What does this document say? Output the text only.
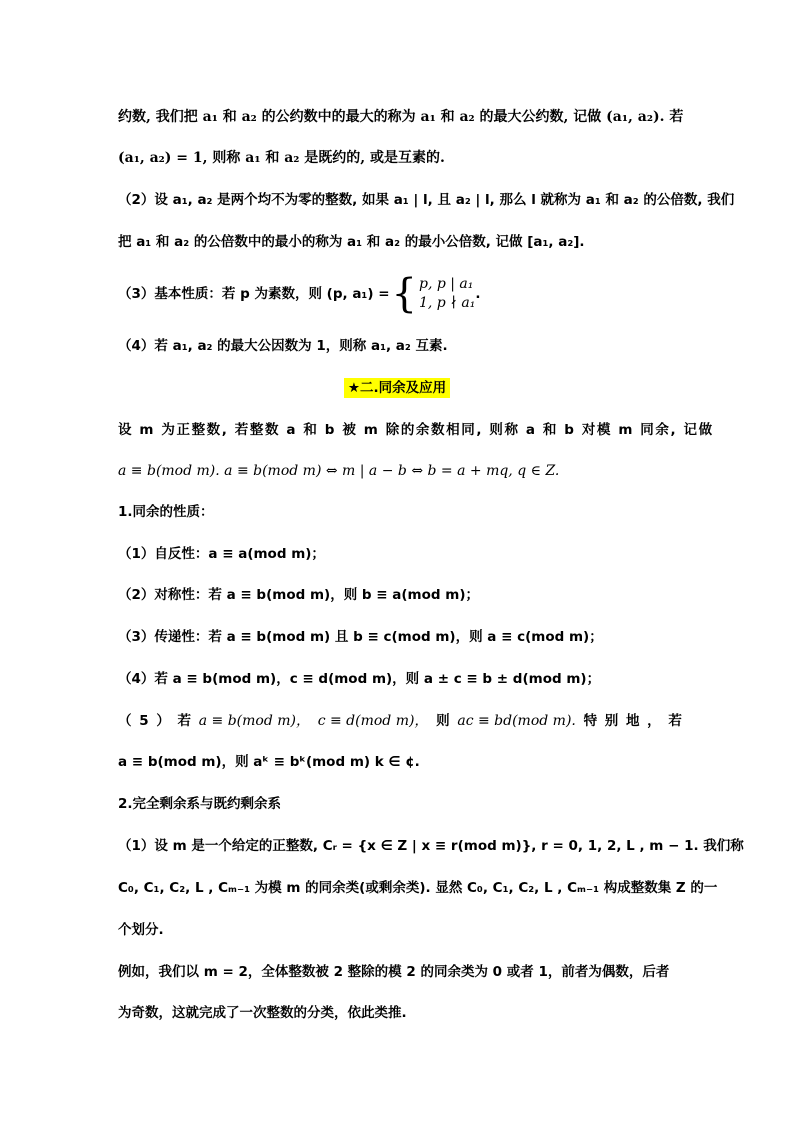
约数, 我们把 a₁ 和 a₂ 的公约数中的最大的称为 a₁ 和 a₂ 的最大公约数, 记做 (a₁, a₂). 若
(a₁, a₂) = 1, 则称 a₁ 和 a₂ 是既约的, 或是互素的.
（2）设 a₁, a₂ 是两个均不为零的整数, 如果 a₁ | l, 且 a₂ | l, 那么 l 就称为 a₁ 和 a₂ 的公倍数, 我们
把 a₁ 和 a₂ 的公倍数中的最小的称为 a₁ 和 a₂ 的最小公倍数, 记做 [a₁, a₂].
（3）基本性质：若 p 为素数，则 (p, a₁) = { p, p | a₁
1, p ∤ a₁
.
（4）若 a₁, a₂ 的最大公因数为 1，则称 a₁, a₂ 互素.
★二.同余及应用
设 m 为正整数, 若整数 a 和 b 被 m 除的余数相同, 则称 a 和 b 对模 m 同余, 记做
a ≡ b(mod m). a ≡ b(mod m) ⇔ m | a − b ⇔ b = a + mq, q ∈ Z.
1.同余的性质：
（1）自反性：a ≡ a(mod m)；
（2）对称性：若 a ≡ b(mod m)，则 b ≡ a(mod m)；
（3）传递性：若 a ≡ b(mod m) 且 b ≡ c(mod m)，则 a ≡ c(mod m)；
（4）若 a ≡ b(mod m)，c ≡ d(mod m)，则 a ± c ≡ b ± d(mod m)；
（ 5 ） 若 a ≡ b(mod m)， c ≡ d(mod m)， 则 ac ≡ bd(mod m). 特 别 地 ， 若
a ≡ b(mod m)，则 aᵏ ≡ bᵏ(mod m) k ∈ ¢.
2.完全剩余系与既约剩余系
（1）设 m 是一个给定的正整数, Cᵣ = {x ∈ Z | x ≡ r(mod m)}, r = 0, 1, 2, L , m − 1. 我们称
C₀, C₁, C₂, L , Cₘ₋₁ 为模 m 的同余类(或剩余类). 显然 C₀, C₁, C₂, L , Cₘ₋₁ 构成整数集 Z 的一
个划分.
例如，我们以 m = 2，全体整数被 2 整除的模 2 的同余类为 0 或者 1，前者为偶数，后者
为奇数，这就完成了一次整数的分类，依此类推.
